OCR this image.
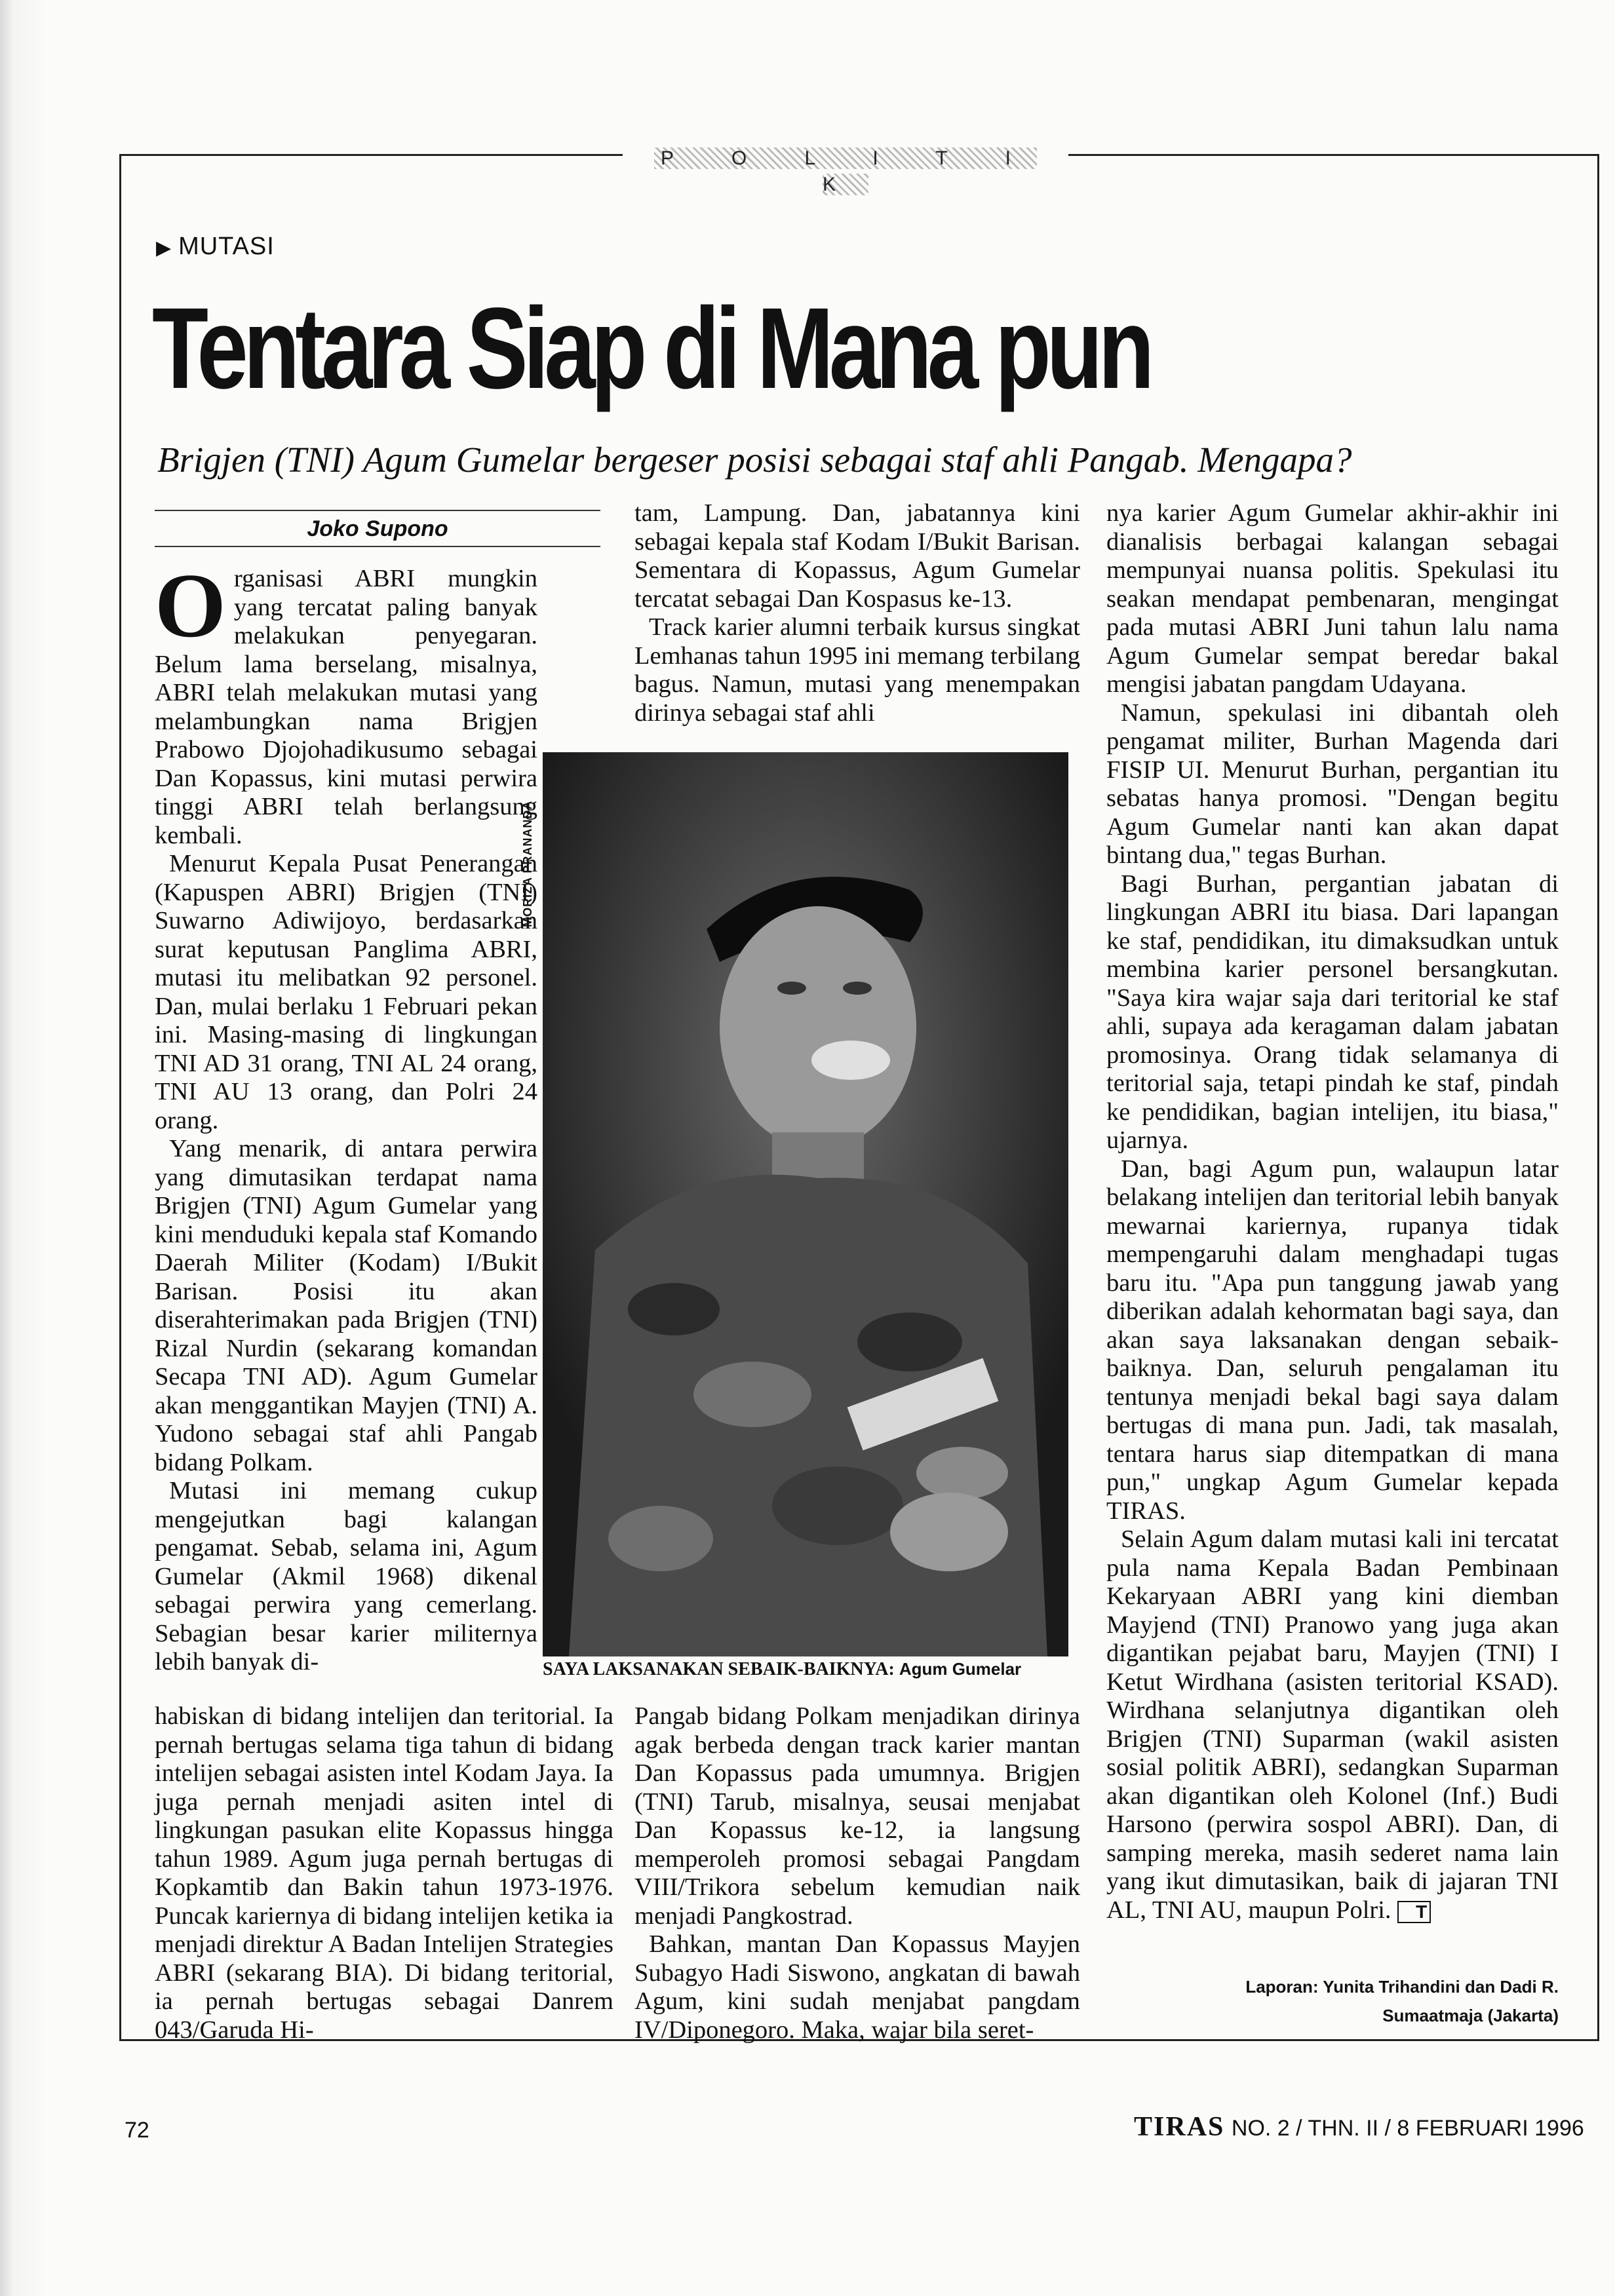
P O L I T I K
▶ MUTASI
Tentara Siap di Mana pun
Brigjen (TNI) Agum Gumelar bergeser posisi sebagai staf ahli Pangab. Mengapa?
Joko Supono

Organisasi ABRI mungkin yang tercatat paling banyak melakukan penyegaran. Belum lama berselang, misalnya, ABRI telah melakukan mutasi yang melambungkan nama Brigjen Prabowo Djojohadikusumo sebagai Dan Kopassus, kini mutasi perwira tinggi ABRI telah berlangsung kembali.

Menurut Kepala Pusat Penerangan (Kapuspen ABRI) Brigjen (TNI) Suwarno Adiwijoyo, berdasarkan surat keputusan Panglima ABRI, mutasi itu melibatkan 92 personel. Dan, mulai berlaku 1 Februari pekan ini. Masing-masing di lingkungan TNI AD 31 orang, TNI AL 24 orang, TNI AU 13 orang, dan Polri 24 orang.

Yang menarik, di antara perwira yang dimutasikan terdapat nama Brigjen (TNI) Agum Gumelar yang kini menduduki kepala staf Komando Daerah Militer (Kodam) I/Bukit Barisan. Posisi itu akan diserahterimakan pada Brigjen (TNI) Rizal Nurdin (sekarang komandan Secapa TNI AD). Agum Gumelar akan menggantikan Mayjen (TNI) A. Yudono sebagai staf ahli Pangab bidang Polkam.

Mutasi ini memang cukup mengejutkan bagi kalangan pengamat. Sebab, selama ini, Agum Gumelar (Akmil 1968) dikenal sebagai perwira yang cemerlang. Sebagian besar karier militernya lebih banyak di-

habiskan di bidang intelijen dan teritorial. Ia pernah bertugas selama tiga tahun di bidang intelijen sebagai asisten intel Kodam Jaya. Ia juga pernah menjadi asiten intel di lingkungan pasukan elite Kopassus hingga tahun 1989. Agum juga pernah bertugas di Kopkamtib dan Bakin tahun 1973-1976. Puncak kariernya di bidang intelijen ketika ia menjadi direktur A Badan Intelijen Strategies ABRI (sekarang BIA). Di bidang teritorial, ia pernah bertugas sebagai Danrem 043/Garuda Hi-

tam, Lampung. Dan, jabatannya kini sebagai kepala staf Kodam I/Bukit Barisan. Sementara di Kopassus, Agum Gumelar tercatat sebagai Dan Kospasus ke-13.

Track karier alumni terbaik kursus singkat Lemhanas tahun 1995 ini memang terbilang bagus. Namun, mutasi yang menempakan dirinya sebagai staf ahli

MORIZA PRANANDA
SAYA LAKSANAKAN SEBAIK-BAIKNYA: Agum Gumelar

Pangab bidang Polkam menjadikan dirinya agak berbeda dengan track karier mantan Dan Kopassus pada umumnya. Brigjen (TNI) Tarub, misalnya, seusai menjabat Dan Kopassus ke-12, ia langsung memperoleh promosi sebagai Pangdam VIII/Trikora sebelum kemudian naik menjadi Pangkostrad.

Bahkan, mantan Dan Kopassus Mayjen Subagyo Hadi Siswono, angkatan di bawah Agum, kini sudah menjabat pangdam IV/Diponegoro. Maka, wajar bila seret-

nya karier Agum Gumelar akhir-akhir ini dianalisis berbagai kalangan sebagai mempunyai nuansa politis. Spekulasi itu seakan mendapat pembenaran, mengingat pada mutasi ABRI Juni tahun lalu nama Agum Gumelar sempat beredar bakal mengisi jabatan pangdam Udayana.

Namun, spekulasi ini dibantah oleh pengamat militer, Burhan Magenda dari FISIP UI. Menurut Burhan, pergantian itu sebatas hanya promosi. "Dengan begitu Agum Gumelar nanti kan akan dapat bintang dua," tegas Burhan.

Bagi Burhan, pergantian jabatan di lingkungan ABRI itu biasa. Dari lapangan ke staf, pendidikan, itu dimaksudkan untuk membina karier personel bersangkutan. "Saya kira wajar saja dari teritorial ke staf ahli, supaya ada keragaman dalam jabatan promosinya. Orang tidak selamanya di teritorial saja, tetapi pindah ke staf, pindah ke pendidikan, bagian intelijen, itu biasa," ujarnya.

Dan, bagi Agum pun, walaupun latar belakang intelijen dan teritorial lebih banyak mewarnai kariernya, rupanya tidak mempengaruhi dalam menghadapi tugas baru itu. "Apa pun tanggung jawab yang diberikan adalah kehormatan bagi saya, dan akan saya laksanakan dengan sebaik-baiknya. Dan, seluruh pengalaman itu tentunya menjadi bekal bagi saya dalam bertugas di mana pun. Jadi, tak masalah, tentara harus siap ditempatkan di mana pun," ungkap Agum Gumelar kepada TIRAS.

Selain Agum dalam mutasi kali ini tercatat pula nama Kepala Badan Pembinaan Kekaryaan ABRI yang kini diemban Mayjend (TNI) Pranowo yang juga akan digantikan pejabat baru, Mayjen (TNI) I Ketut Wirdhana (asisten teritorial KSAD). Wirdhana selanjutnya digantikan oleh Brigjen (TNI) Suparman (wakil asisten sosial politik ABRI), sedangkan Suparman akan digantikan oleh Kolonel (Inf.) Budi Harsono (perwira sospol ABRI). Dan, di samping mereka, masih sederet nama lain yang ikut dimutasikan, baik di jajaran TNI AL, TNI AU, maupun Polri. T

Laporan: Yunita Trihandini dan Dadi R.
Sumaatmaja (Jakarta)
72	TIRAS NO. 2 / THN. II / 8 FEBRUARI 1996
